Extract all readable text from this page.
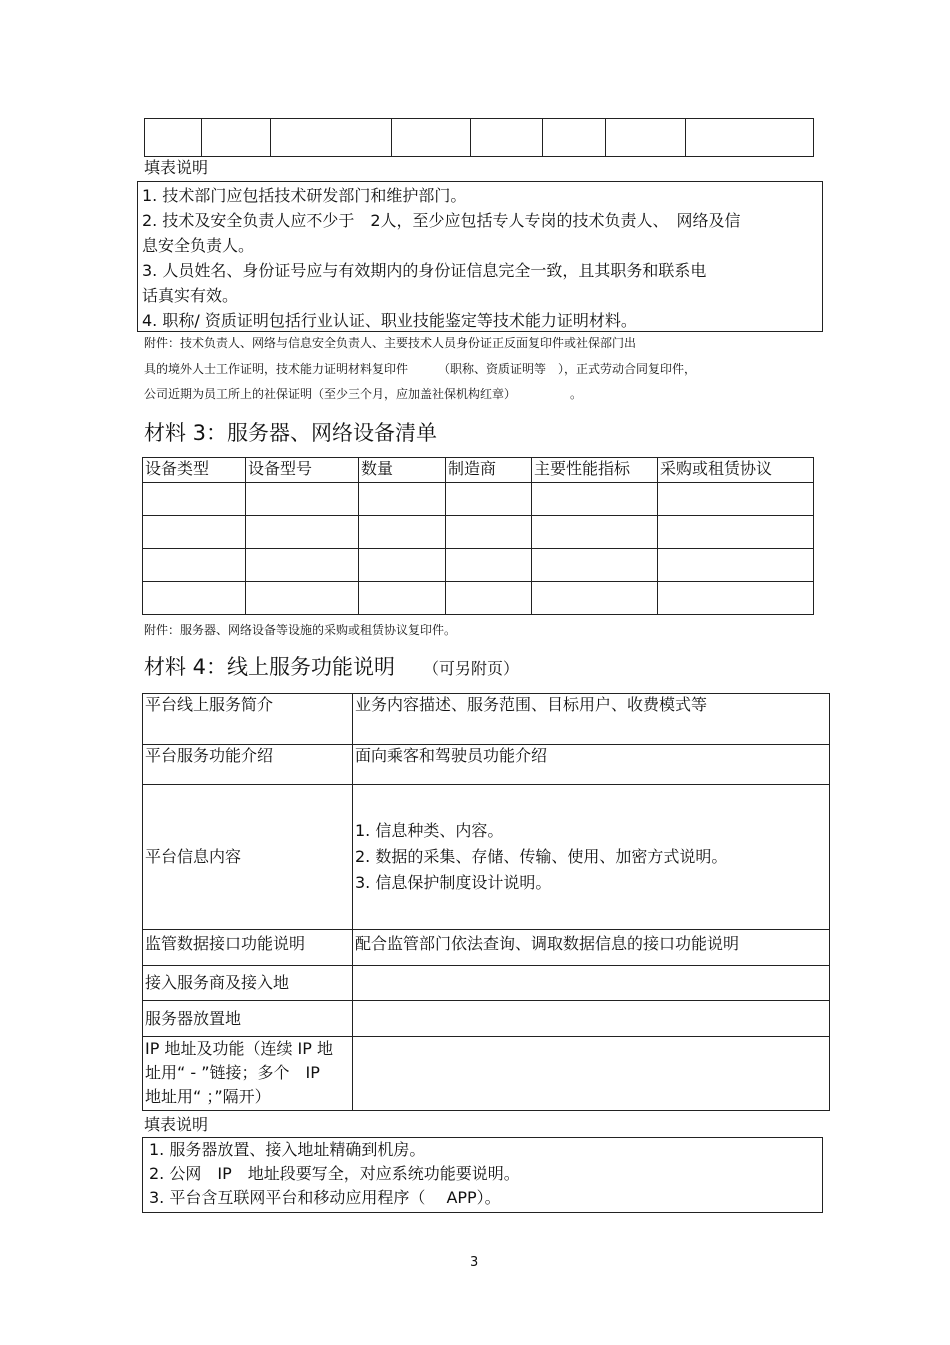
填表说明
1. 技术部门应包括技术研发部门和维护部门。
2. 技术及安全负责人应不少于　2人，至少应包括专人专岗的技术负责人、　网络及信
息安全负责人。
3. 人员姓名、身份证号应与有效期内的身份证信息完全一致，且其职务和联系电
话真实有效。
4. 职称/ 资质证明包括行业认证、职业技能鉴定等技术能力证明材料。
附件：技术负责人、网络与信息安全负责人、主要技术人员身份证正反面复印件或社保部门出
具的境外人士工作证明，技术能力证明材料复印件　　　（职称、资质证明等　），正式劳动合同复印件，
公司近期为员工所上的社保证明（至少三个月，应加盖社保机构红章）　　　　　。
材料 3：服务器、网络设备清单
设备类型	设备型号	数量	制造商	主要性能指标	采购或租赁协议

附件：服务器、网络设备等设施的采购或租赁协议复印件。
材料 4：线上服务功能说明 （可另附页）
平台线上服务简介	业务内容描述、服务范围、目标用户、收费模式等
平台服务功能介绍	面向乘客和驾驶员功能介绍
平台信息内容	1. 信息种类、内容。
2. 数据的采集、存储、传输、使用、加密方式说明。
3. 信息保护制度设计说明。

监管数据接口功能说明	配合监管部门依法查询、调取数据信息的接口功能说明
接入服务商及接入地	
服务器放置地	

IP 地址及功能（连续 IP 地
址用“ - ”链接；多个　IP
地址用“ ；”隔开）	

填表说明
1. 服务器放置、接入地址精确到机房。
2. 公网　IP　地址段要写全，对应系统功能要说明。
3. 平台含互联网平台和移动应用程序（　 APP）。
3
